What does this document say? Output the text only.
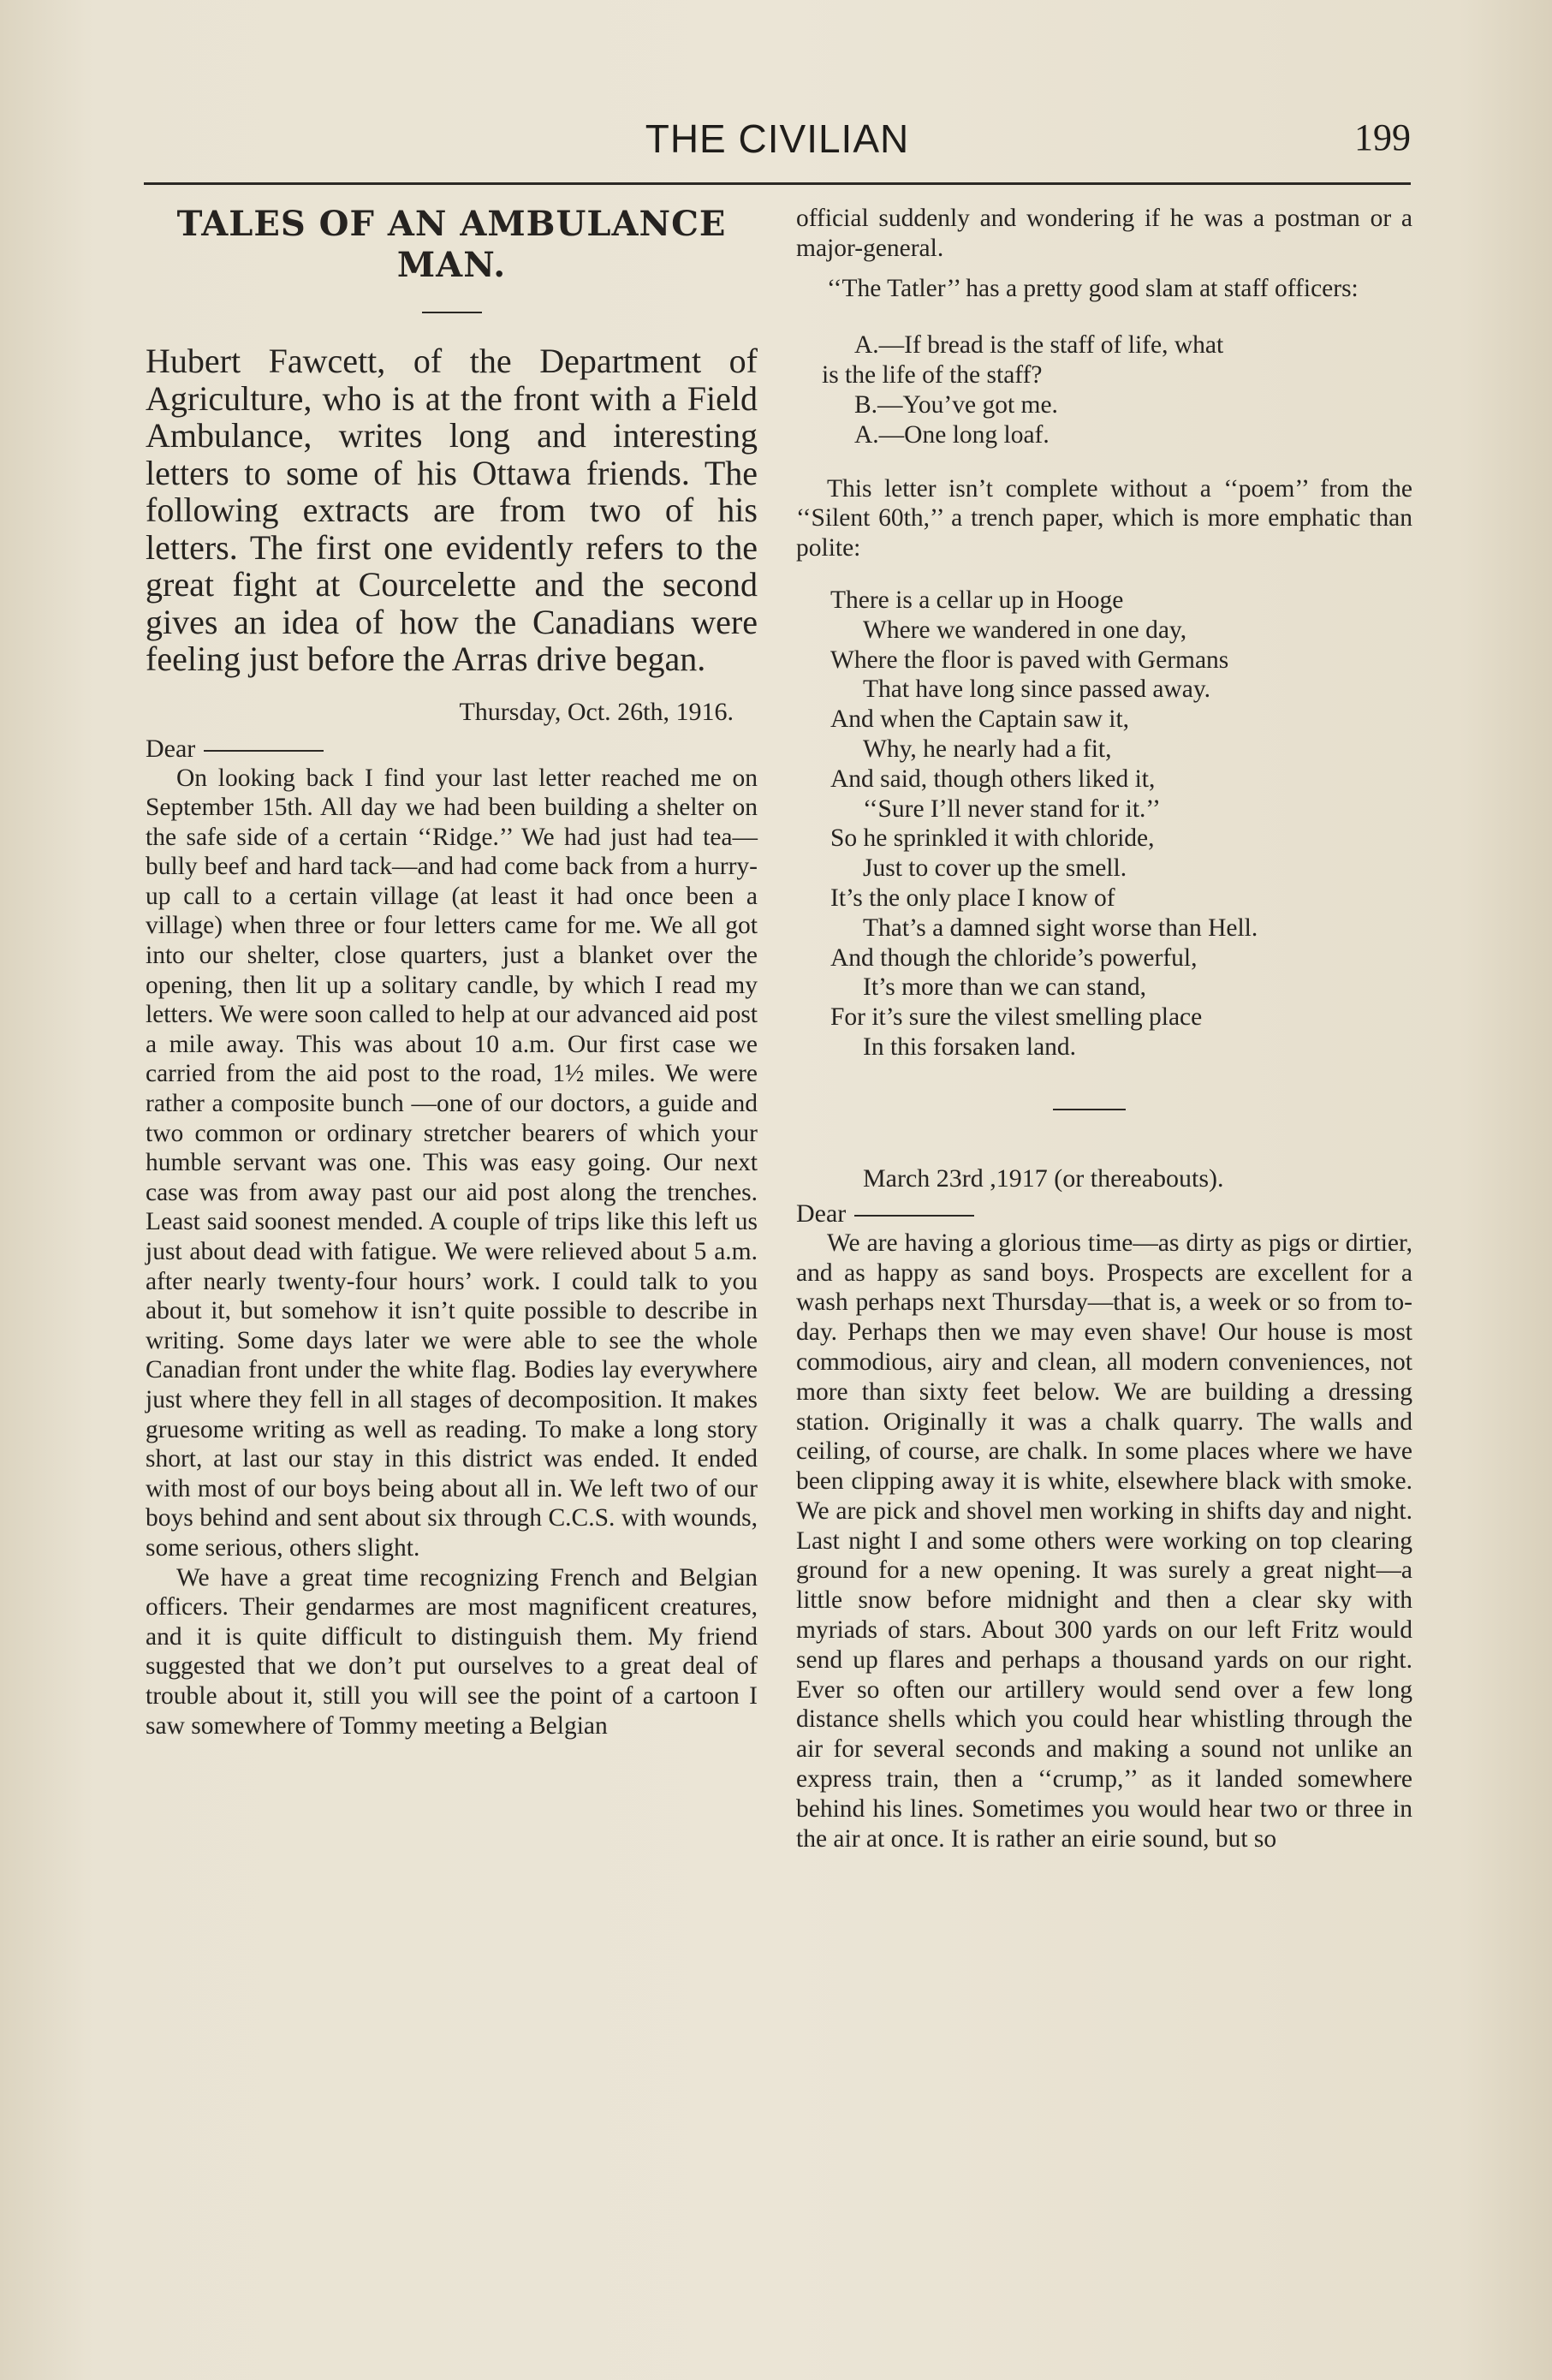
THE CIVILIAN	199
TALES OF AN AMBULANCE MAN.

Hubert Fawcett, of the Department of Agriculture, who is at the front with a Field Ambulance, writes long and interesting letters to some of his Ottawa friends. The following extracts are from two of his letters. The first one evidently refers to the great fight at Courcelette and the second gives an idea of how the Canadians were feeling just before the Arras drive began.

Thursday, Oct. 26th, 1916.

Dear

On looking back I find your last letter reached me on September 15th. All day we had been building a shelter on the safe side of a certain ‘‘Ridge.’’ We had just had tea—bully beef and hard tack—and had come back from a hurry-up call to a certain village (at least it had once been a village) when three or four letters came for me. We all got into our shelter, close quarters, just a blanket over the opening, then lit up a solitary candle, by which I read my letters. We were soon called to help at our advanced aid post a mile away. This was about 10 a.m. Our first case we carried from the aid post to the road, 1½ miles. We were rather a composite bunch —one of our doctors, a guide and two common or ordinary stretcher bearers of which your humble servant was one. This was easy going. Our next case was from away past our aid post along the trenches. Least said soonest mended. A couple of trips like this left us just about dead with fatigue. We were relieved about 5 a.m. after nearly twenty-four hours’ work. I could talk to you about it, but somehow it isn’t quite possible to describe in writing. Some days later we were able to see the whole Canadian front under the white flag. Bodies lay everywhere just where they fell in all stages of decomposition. It makes gruesome writing as well as reading. To make a long story short, at last our stay in this district was ended. It ended with most of our boys being about all in. We left two of our boys behind and sent about six through C.C.S. with wounds, some serious, others slight.

We have a great time recognizing French and Belgian officers. Their gendarmes are most magnificent creatures, and it is quite difficult to distinguish them. My friend suggested that we don’t put ourselves to a great deal of trouble about it, still you will see the point of a cartoon I saw somewhere of Tommy meeting a Belgian

official suddenly and wondering if he was a postman or a major-general.

‘‘The Tatler’’ has a pretty good slam at staff officers:

A.—If bread is the staff of life, what
is the life of the staff?
B.—You’ve got me.
A.—One long loaf.

This letter isn’t complete without a ‘‘poem’’ from the ‘‘Silent 60th,’’ a trench paper, which is more emphatic than polite:

There is a cellar up in Hooge
Where we wandered in one day,
Where the floor is paved with Germans
That have long since passed away.
And when the Captain saw it,
Why, he nearly had a fit,
And said, though others liked it,
‘‘Sure I’ll never stand for it.’’
So he sprinkled it with chloride,
Just to cover up the smell.
It’s the only place I know of
That’s a damned sight worse than Hell.
And though the chloride’s powerful,
It’s more than we can stand,
For it’s sure the vilest smelling place
In this forsaken land.

March 23rd ,1917 (or thereabouts).

Dear

We are having a glorious time—as dirty as pigs or dirtier, and as happy as sand boys. Prospects are excellent for a wash perhaps next Thursday—that is, a week or so from to-day. Perhaps then we may even shave! Our house is most commodious, airy and clean, all modern conveniences, not more than sixty feet below. We are building a dressing station. Originally it was a chalk quarry. The walls and ceiling, of course, are chalk. In some places where we have been clipping away it is white, elsewhere black with smoke. We are pick and shovel men working in shifts day and night. Last night I and some others were working on top clearing ground for a new opening. It was surely a great night—a little snow before midnight and then a clear sky with myriads of stars. About 300 yards on our left Fritz would send up flares and perhaps a thousand yards on our right. Ever so often our artillery would send over a few long distance shells which you could hear whistling through the air for several seconds and making a sound not unlike an express train, then a ‘‘crump,’’ as it landed somewhere behind his lines. Sometimes you would hear two or three in the air at once. It is rather an eirie sound, but so
